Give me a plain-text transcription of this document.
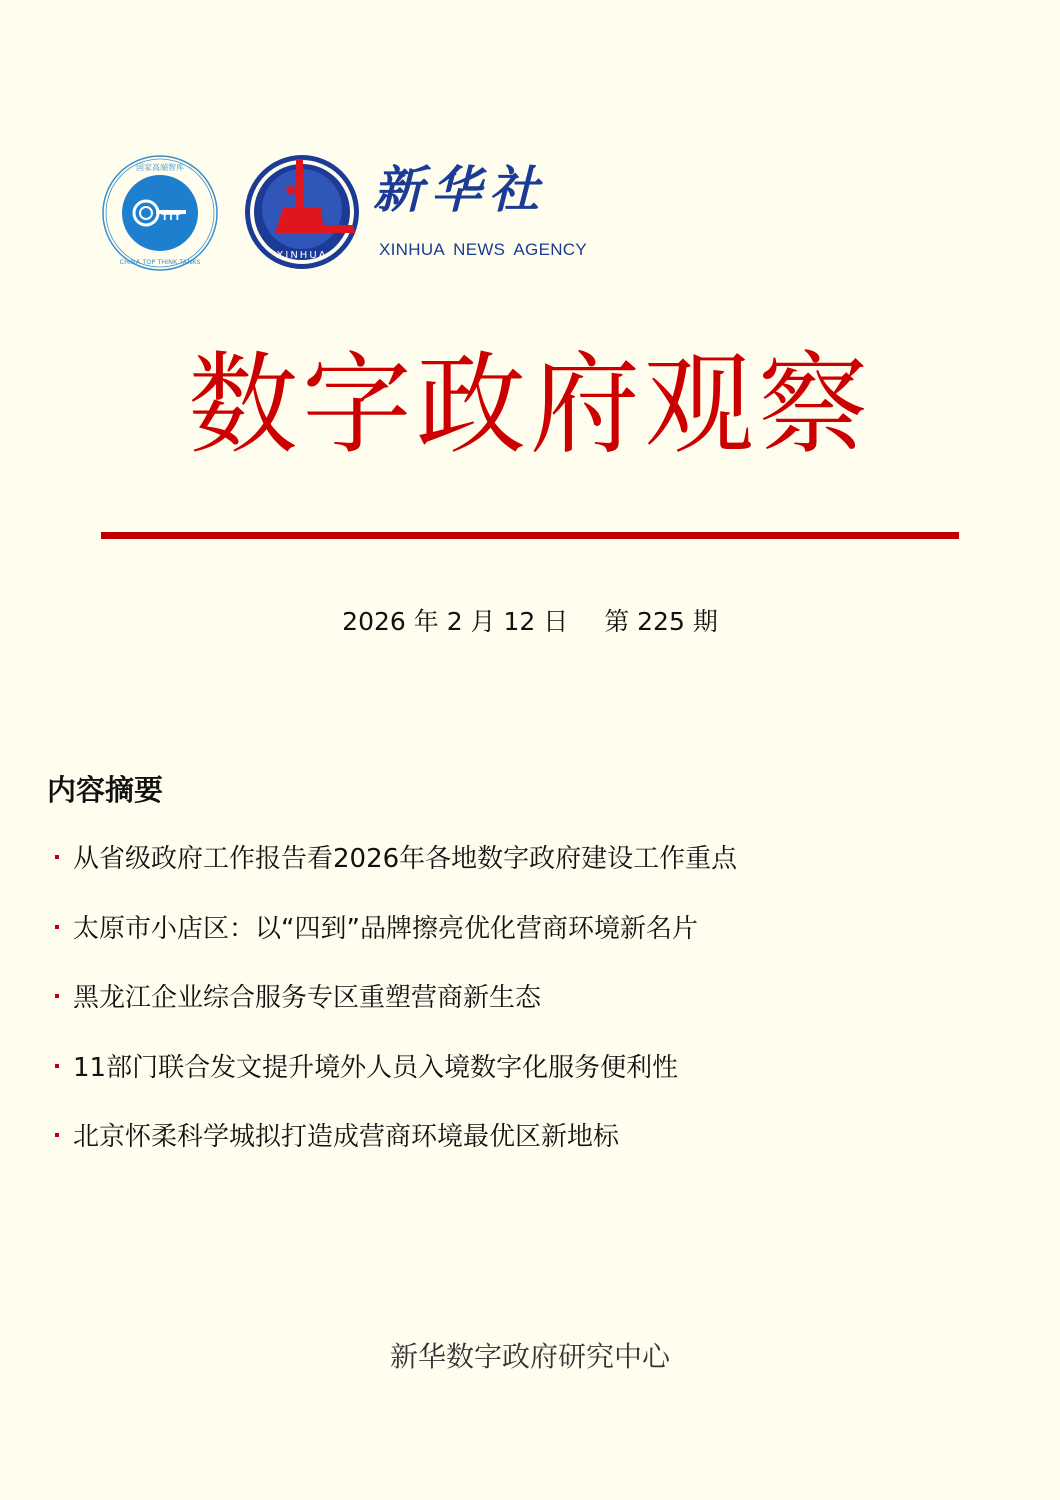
TTT
国家高端智库
CHINA TOP THINK TANKS
XINHUA
新华社
XINHUA NEWS AGENCY
数字政府观察
2026 年 2 月 12 日 第 225 期
内容摘要
从省级政府工作报告看2026年各地数字政府建设工作重点
太原市小店区：以“四到”品牌擦亮优化营商环境新名片
黑龙江企业综合服务专区重塑营商新生态
11部门联合发文提升境外人员入境数字化服务便利性
北京怀柔科学城拟打造成营商环境最优区新地标
新华数字政府研究中心
